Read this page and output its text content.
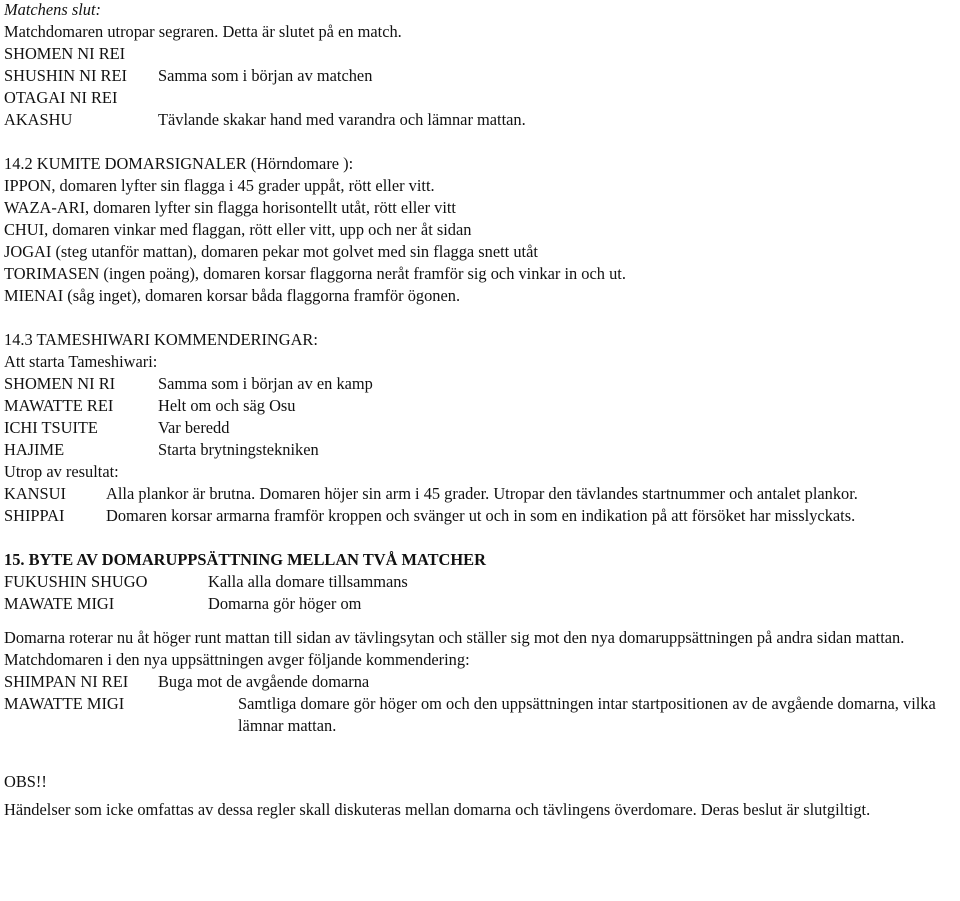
Matchens slut:
Matchdomaren utropar segraren. Detta är slutet på en match.
SHOMEN NI REI
SHUSHIN NI REI	Samma som i början av matchen
OTAGAI NI REI
AKASHU	Tävlande skakar hand med varandra och lämnar mattan.
14.2 KUMITE DOMARSIGNALER (Hörndomare ):
IPPON, domaren lyfter sin flagga i 45 grader uppåt, rött eller vitt.
WAZA-ARI, domaren lyfter sin flagga horisontellt utåt, rött eller vitt
CHUI, domaren vinkar med flaggan, rött eller vitt, upp och ner åt sidan
JOGAI (steg utanför mattan), domaren pekar mot golvet med sin flagga snett utåt
TORIMASEN (ingen poäng), domaren korsar flaggorna neråt framför sig och vinkar in och ut.
MIENAI (såg inget), domaren korsar båda flaggorna framför ögonen.
14.3 TAMESHIWARI KOMMENDERINGAR:
Att starta Tameshiwari:
SHOMEN NI RI	Samma som i början av en kamp
MAWATTE REI	Helt om och säg Osu
ICHI TSUITE	Var beredd
HAJIME	Starta brytningstekniken
Utrop av resultat:
KANSUI	Alla plankor är brutna. Domaren höjer sin arm i 45 grader. Utropar den tävlandes startnummer och antalet plankor.
SHIPPAI	Domaren korsar armarna framför kroppen och svänger ut och in som en indikation på att försöket har misslyckats.
15. BYTE AV DOMARUPPSÄTTNING MELLAN TVÅ MATCHER
FUKUSHIN SHUGO	Kalla alla domare tillsammans
MAWATE MIGI	Domarna gör höger om
Domarna roterar nu åt höger runt mattan till sidan av tävlingsytan och ställer sig mot den nya domaruppsättningen på andra sidan mattan. Matchdomaren i den nya uppsättningen avger följande kommendering:
SHIMPAN NI REI	Buga mot de avgående domarna
MAWATTE MIGI	Samtliga domare gör höger om och den uppsättningen intar startpositionen av de avgående domarna, vilka lämnar mattan.
OBS!!
Händelser som icke omfattas av dessa regler skall diskuteras mellan domarna och tävlingens överdomare. Deras beslut är slutgiltigt.
